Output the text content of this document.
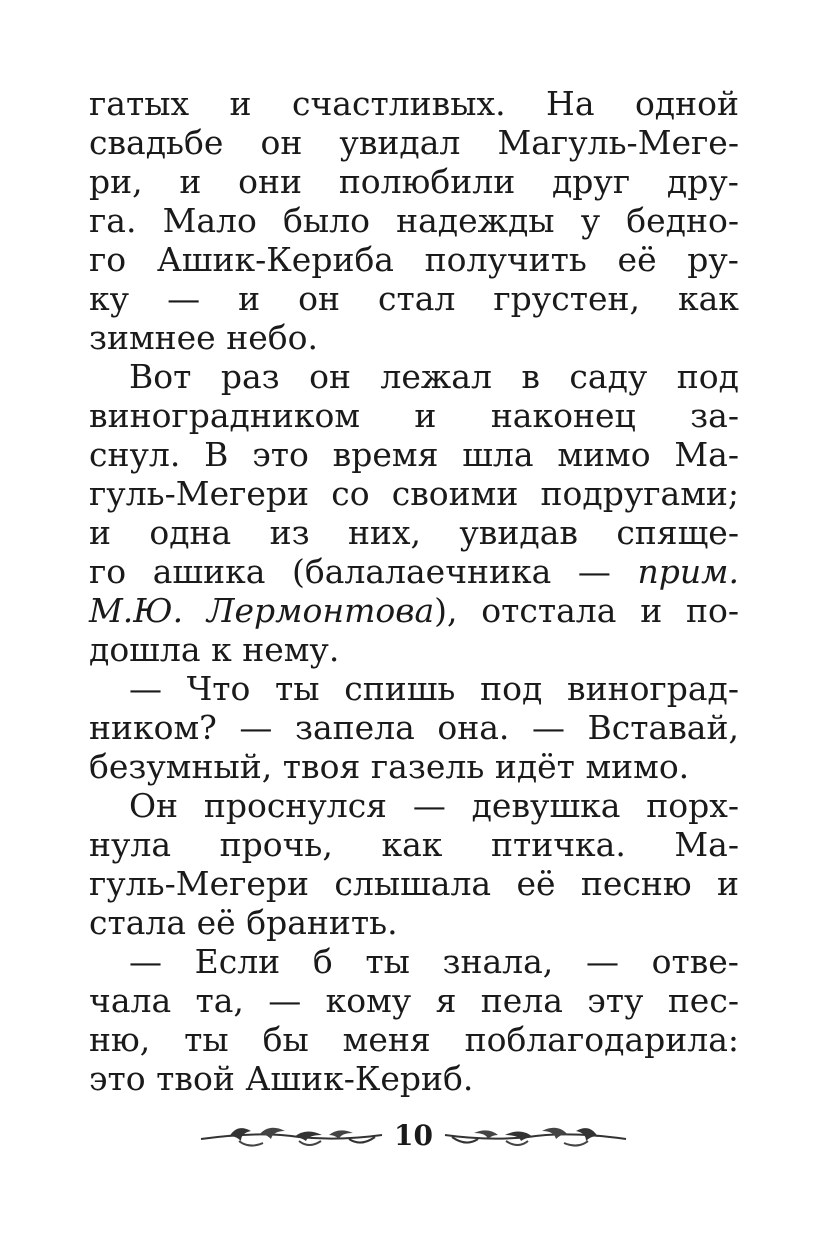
гатых и счастливых. На одной
свадьбе он увидал Магуль-Мегe-
ри, и они полюбили друг дру-
га. Мало было надежды у бедно-
го Ашик-Кериба получить её ру-
ку — и он стал грустен, как
зимнее небо.
Вот раз он лежал в саду под
виноградником и наконец за-
снул. В это время шла мимо Ма-
гуль-Мегери со своими подругами;
и одна из них, увидав спяще-
го ашика (балалаечника — прим.
М.Ю. Лермонтова), отстала и по-
дошла к нему.
— Что ты спишь под виноград-
ником? — запела она. — Вставай,
безумный, твоя газель идёт мимо.
Он проснулся — девушка порх-
нула прочь, как птичка. Ма-
гуль-Мегери слышала её песню и
стала её бранить.
— Если б ты знала, — отве-
чала та, — кому я пела эту пес-
ню, ты бы меня поблагодарила:
это твой Ашик-Кериб.
10
